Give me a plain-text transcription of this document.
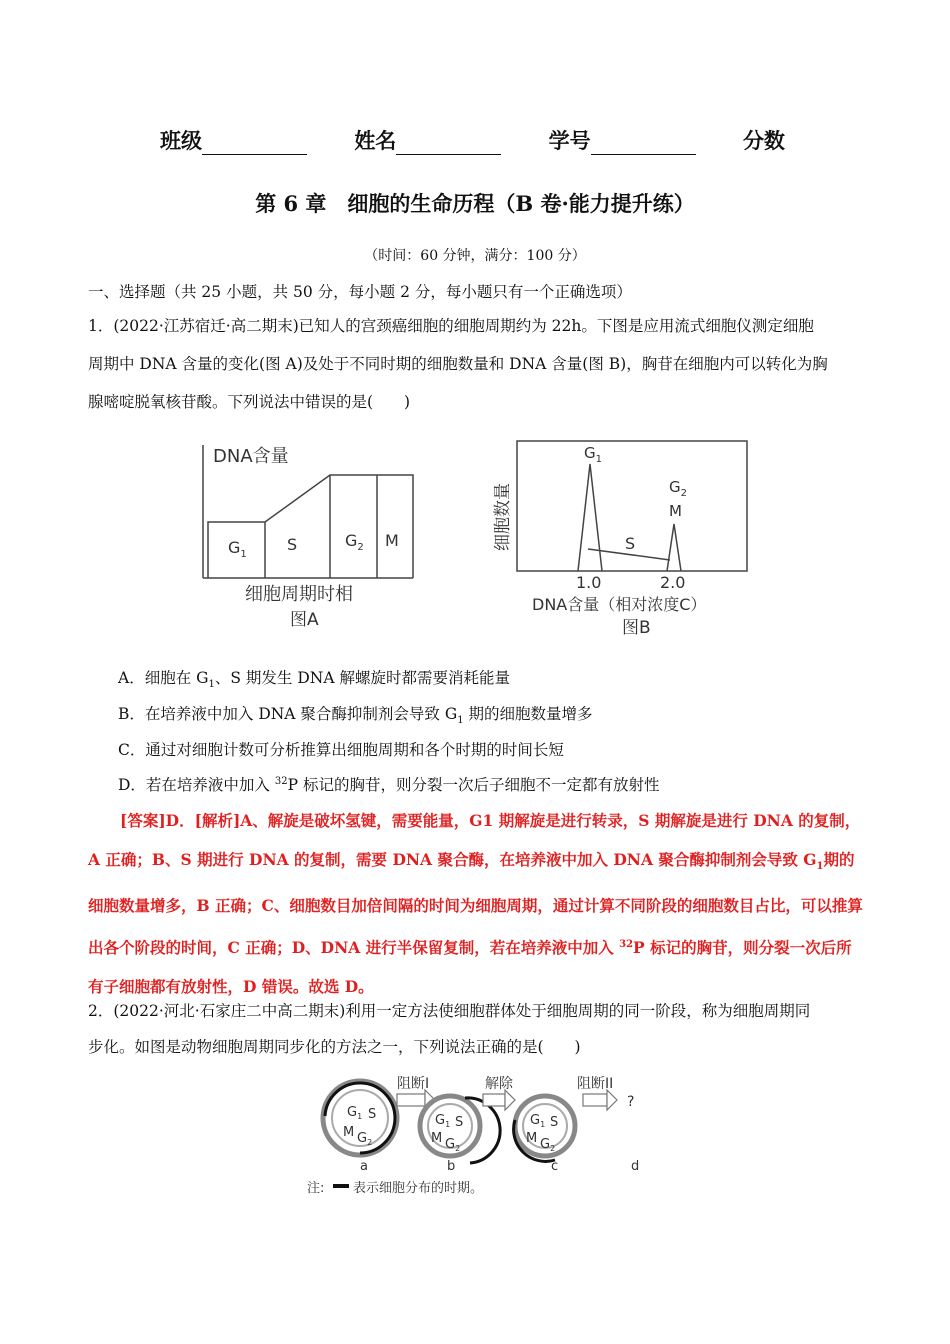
班级	姓名	学号	分数
第 6 章　细胞的生命历程（B 卷·能力提升练）
（时间：60 分钟，满分：100 分）
一、选择题（共 25 小题，共 50 分，每小题 2 分，每小题只有一个正确选项）
1．(2022·江苏宿迁·高二期末)已知人的宫颈癌细胞的细胞周期约为 22h。下图是应用流式细胞仪测定细胞
周期中 DNA 含量的变化(图 A)及处于不同时期的细胞数量和 DNA 含量(图 B)，胸苷在细胞内可以转化为胸
腺嘧啶脱氧核苷酸。下列说法中错误的是(　　)
DNA含量
$G_1$
S	$G_2$ M
细胞周期时相
图A
细胞数量
$G_1$
$G_2$
M
S
1.0	2.0
DNA含量（相对浓度C）
图B
A．细胞在 $G_1$、S 期发生 DNA 解螺旋时都需要消耗能量
B．在培养液中加入 DNA 聚合酶抑制剂会导致 $G_1$ 期的细胞数量增多
C．通过对细胞计数可分析推算出细胞周期和各个时期的时间长短
D．若在培养液中加入 $^{32}$P 标记的胸苷，则分裂一次后子细胞不一定都有放射性
[答案]D．[解析]A、解旋是破坏氢键，需要能量，G1 期解旋是进行转录，S 期解旋是进行 DNA 的复制，A 正确；B、S 期进行 DNA 的复制，需要 DNA 聚合酶，在培养液中加入 DNA 聚合酶抑制剂会导致 $G_1$期的细胞数量增多，B 正确；C、细胞数目加倍间隔的时间为细胞周期，通过计算不同阶段的细胞数目占比，可以推算出各个阶段的时间，C 正确；D、DNA 进行半保留复制，若在培养液中加入 $^{32}$P 标记的胸苷，则分裂一次后所有子细胞都有放射性，D 错误。故选 D。
2．(2022·河北·石家庄二中高二期末)利用一定方法使细胞群体处于细胞周期的同一阶段，称为细胞周期同
步化。如图是动物细胞周期同步化的方法之一，下列说法正确的是(　　)
$G_1$ S
M $G_2$
阻断I
$G_1$ S
M $G_2$
解除
$G_1$ S
M $G_2$
阻断II
?
a	b	c	d
注: 表示细胞分布的时期。
